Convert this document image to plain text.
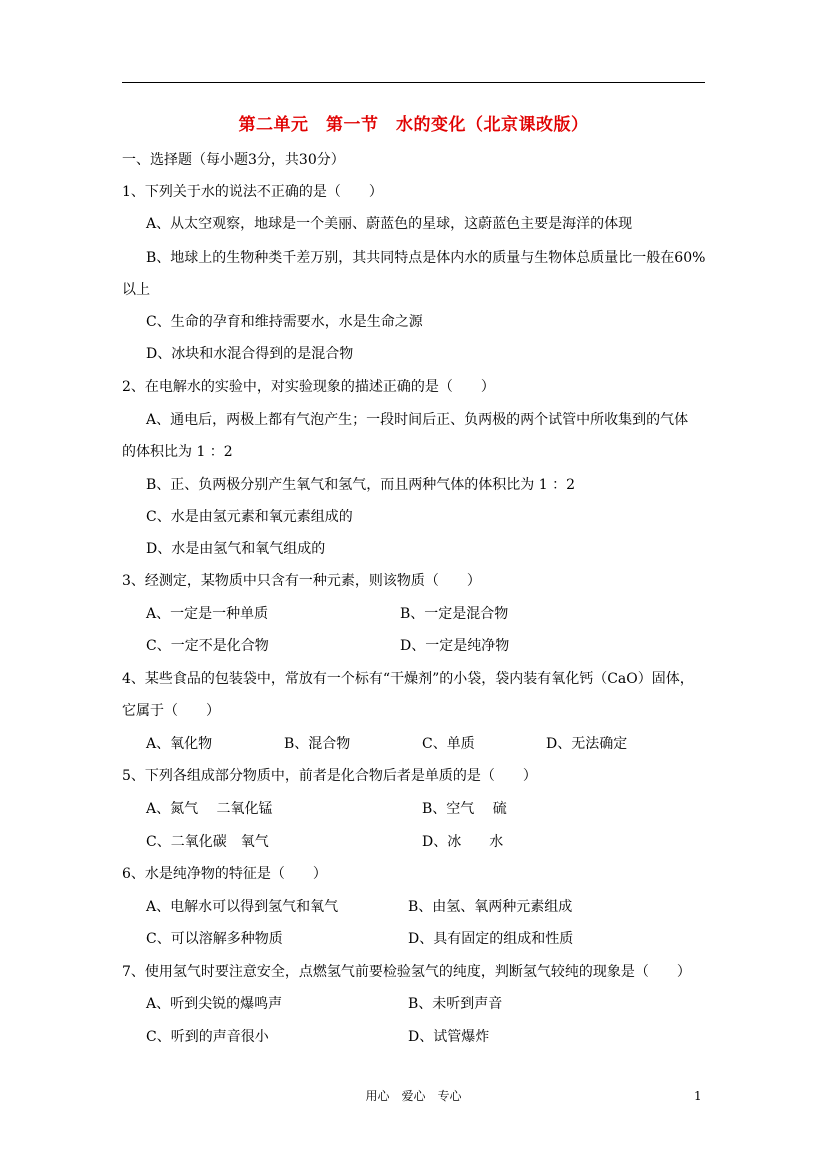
第二单元　第一节　水的变化（北京课改版）
一、选择题（每小题3分，共30分）
1、下列关于水的说法不正确的是（　　）
A、从太空观察，地球是一个美丽、蔚蓝色的星球，这蔚蓝色主要是海洋的体现
B、地球上的生物种类千差万别，其共同特点是体内水的质量与生物体总质量比一般在60%
以上
C、生命的孕育和维持需要水，水是生命之源
D、冰块和水混合得到的是混合物
2、在电解水的实验中，对实验现象的描述正确的是（　　）
A、通电后，两极上都有气泡产生；一段时间后正、负两极的两个试管中所收集到的气体
的体积比为 1 ：2
B、正、负两极分别产生氧气和氢气，而且两种气体的体积比为 1 ：2
C、水是由氢元素和氧元素组成的
D、水是由氢气和氧气组成的
3、经测定，某物质中只含有一种元素，则该物质（　　）
A、一定是一种单质	B、一定是混合物
C、一定不是化合物	D、一定是纯净物
4、某些食品的包装袋中，常放有一个标有“干燥剂”的小袋，袋内装有氧化钙（CaO）固体，
它属于（　　）
A、氧化物	B、混合物	C、单质	D、无法确定
5、下列各组成部分物质中，前者是化合物后者是单质的是（　　）
A、氮气　 二氧化锰	B、空气　 硫
C、二氧化碳　氧气	D、冰　　水
6、水是纯净物的特征是（　　）
A、电解水可以得到氢气和氧气	B、由氢、氧两种元素组成
C、可以溶解多种物质	D、具有固定的组成和性质
7、使用氢气时要注意安全，点燃氢气前要检验氢气的纯度，判断氢气较纯的现象是（　　）
A、听到尖锐的爆鸣声	B、未听到声音
C、听到的声音很小	D、试管爆炸
用心　爱心　专心	1
